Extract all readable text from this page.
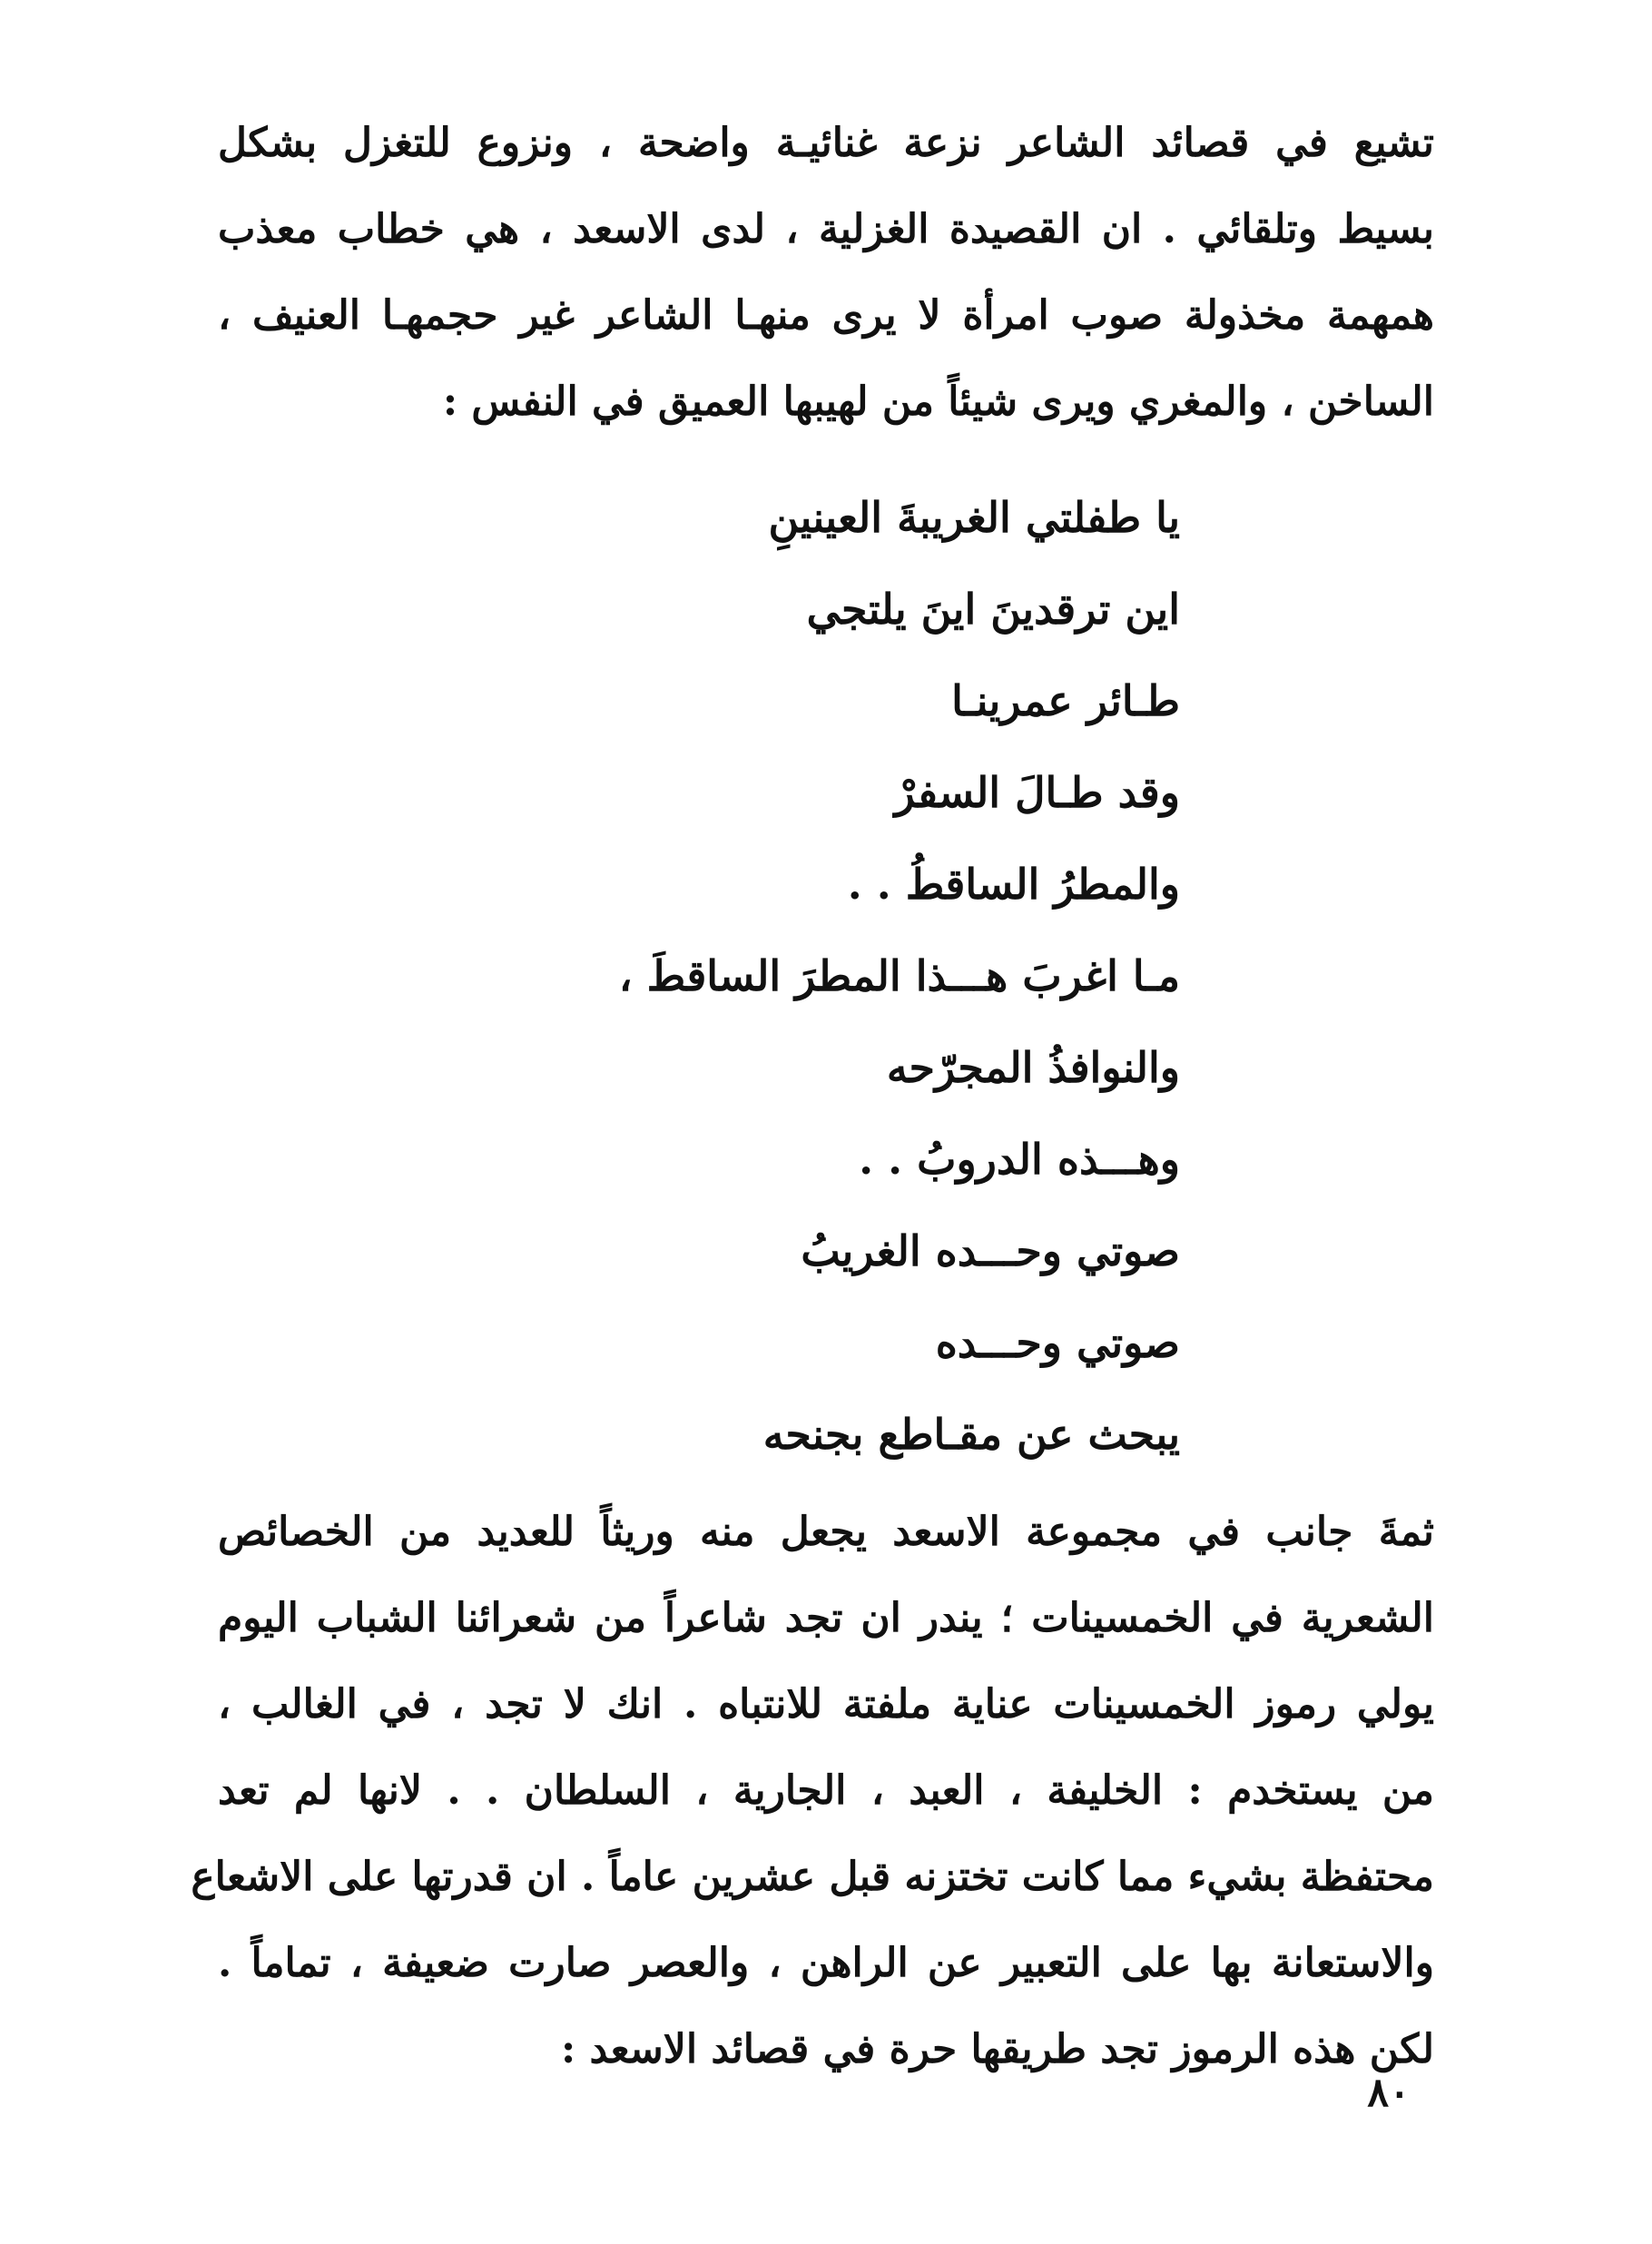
تشيع في قصائد الشاعر نزعة غنائيـة واضحة ، ونزوع للتغزل بشكل
بسيط وتلقائي . ان القصيدة الغزلية ، لدى الاسعد ، هي خطاب معذب
همهمة مخذولة صوب امرأة لا يرى منهـا الشاعر غير حجمهـا العنيف ،
الساخن ، والمغري ويرى شيئاً من لهيبها العميق في النفس :

يا طفلتي الغريبةَ العينينِ
اين ترقدينَ اينَ يلتجي
طـائر عمرينـا
وقد طـالَ السفرْ
والمطرُ الساقطُ . .
مـا اغربَ هـــذا المطرَ الساقطَ ،
والنوافذُ المجرّحه
وهـــذه الدروبُ . .
صوتي وحـــده الغريبُ
صوتي وحـــده
يبحث عن مقـاطع بجنحه

ثمةَ جانب في مجموعة الاسعد يجعل منه وريثاً للعديد من الخصائص
الشعرية في الخمسينات ؛ يندر ان تجد شاعراً من شعرائنا الشباب اليوم
يولي رموز الخمسينات عناية ملفتة للانتباه . انك لا تجد ، في الغالب ،
من يستخدم : الخليفة ، العبد ، الجارية ، السلطان . . لانها لم تعد
محتفظة بشيء مما كانت تختزنه قبل عشرين عاماً . ان قدرتها على الاشعاع
والاستعانة بها على التعبير عن الراهن ، والعصر صارت ضعيفة ، تماماً .
لكن هذه الرموز تجد طريقها حرة في قصائد الاسعد :

٨٠
